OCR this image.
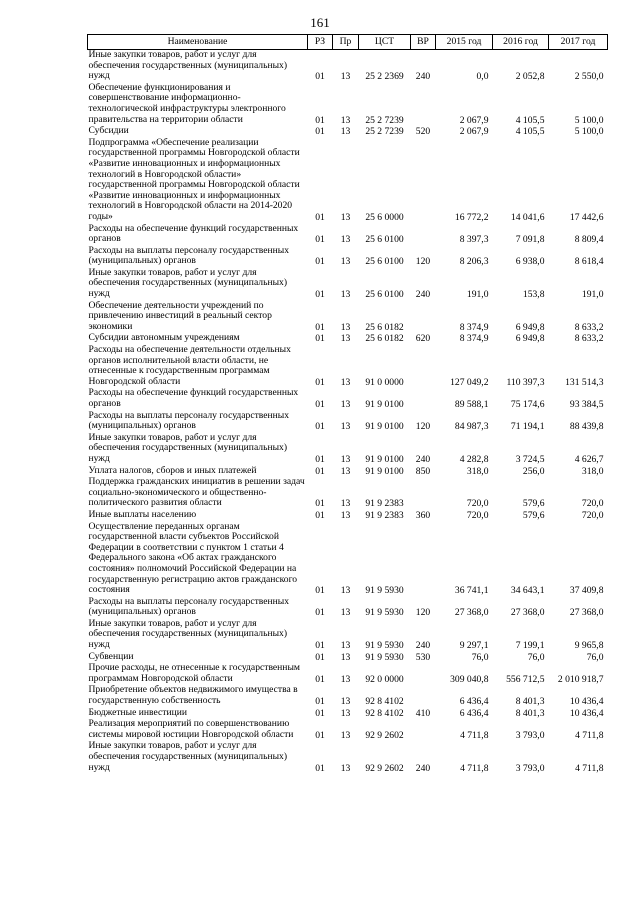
161
Наименование	РЗ	Пр	ЦСТ	ВР	2015 год	2016 год	2017 год
Иные закупки товаров, работ и услуг для обеспечения государственных (муниципальных) нужд	01	13	25 2 2369	240	0,0	2 052,8	2 550,0
Обеспечение функционирования и совершенствование информационно-технологической инфраструктуры электронного правительства на территории области	01	13	25 2 7239		2 067,9	4 105,5	5 100,0
Субсидии	01	13	25 2 7239	520	2 067,9	4 105,5	5 100,0
Подпрограмма «Обеспечение реализации государственной программы Новгородской области «Развитие инновационных и информационных технологий в Новгородской области» государственной программы Новгородской области «Развитие инновационных и информационных технологий в Новгородской области на 2014-2020 годы»	01	13	25 6 0000		16 772,2	14 041,6	17 442,6
Расходы на обеспечение функций государственных органов	01	13	25 6 0100		8 397,3	7 091,8	8 809,4
Расходы на выплаты персоналу государственных (муниципальных) органов	01	13	25 6 0100	120	8 206,3	6 938,0	8 618,4
Иные закупки товаров, работ и услуг для обеспечения государственных (муниципальных) нужд	01	13	25 6 0100	240	191,0	153,8	191,0
Обеспечение деятельности учреждений по привлечению инвестиций в реальный сектор экономики	01	13	25 6 0182		8 374,9	6 949,8	8 633,2
Субсидии автономным учреждениям	01	13	25 6 0182	620	8 374,9	6 949,8	8 633,2
Расходы на обеспечение деятельности отдельных органов исполнительной власти области, не отнесенные к государственным программам Новгородской области	01	13	91 0 0000		127 049,2	110 397,3	131 514,3
Расходы на обеспечение функций государственных органов	01	13	91 9 0100		89 588,1	75 174,6	93 384,5
Расходы на выплаты персоналу государственных (муниципальных) органов	01	13	91 9 0100	120	84 987,3	71 194,1	88 439,8
Иные закупки товаров, работ и услуг для обеспечения государственных (муниципальных) нужд	01	13	91 9 0100	240	4 282,8	3 724,5	4 626,7
Уплата налогов, сборов и иных платежей	01	13	91 9 0100	850	318,0	256,0	318,0
Поддержка гражданских инициатив в решении задач социально-экономического и общественно-политического развития области	01	13	91 9 2383		720,0	579,6	720,0
Иные выплаты населению	01	13	91 9 2383	360	720,0	579,6	720,0
Осуществление переданных органам государственной власти субъектов Российской Федерации в соответствии с пунктом 1 статьи 4 Федерального закона «Об актах гражданского состояния» полномочий Российской Федерации на государственную регистрацию актов гражданского состояния	01	13	91 9 5930		36 741,1	34 643,1	37 409,8
Расходы на выплаты персоналу государственных (муниципальных) органов	01	13	91 9 5930	120	27 368,0	27 368,0	27 368,0
Иные закупки товаров, работ и услуг для обеспечения государственных (муниципальных) нужд	01	13	91 9 5930	240	9 297,1	7 199,1	9 965,8
Субвенции	01	13	91 9 5930	530	76,0	76,0	76,0
Прочие расходы, не отнесенные к государственным программам Новгородской области	01	13	92 0 0000		309 040,8	556 712,5	2 010 918,7
Приобретение объектов недвижимого имущества в государственную собственность	01	13	92 8 4102		6 436,4	8 401,3	10 436,4
Бюджетные инвестиции	01	13	92 8 4102	410	6 436,4	8 401,3	10 436,4
Реализация мероприятий по совершенствованию системы мировой юстиции Новгородской области	01	13	92 9 2602		4 711,8	3 793,0	4 711,8
Иные закупки товаров, работ и услуг для обеспечения государственных (муниципальных) нужд	01	13	92 9 2602	240	4 711,8	3 793,0	4 711,8
